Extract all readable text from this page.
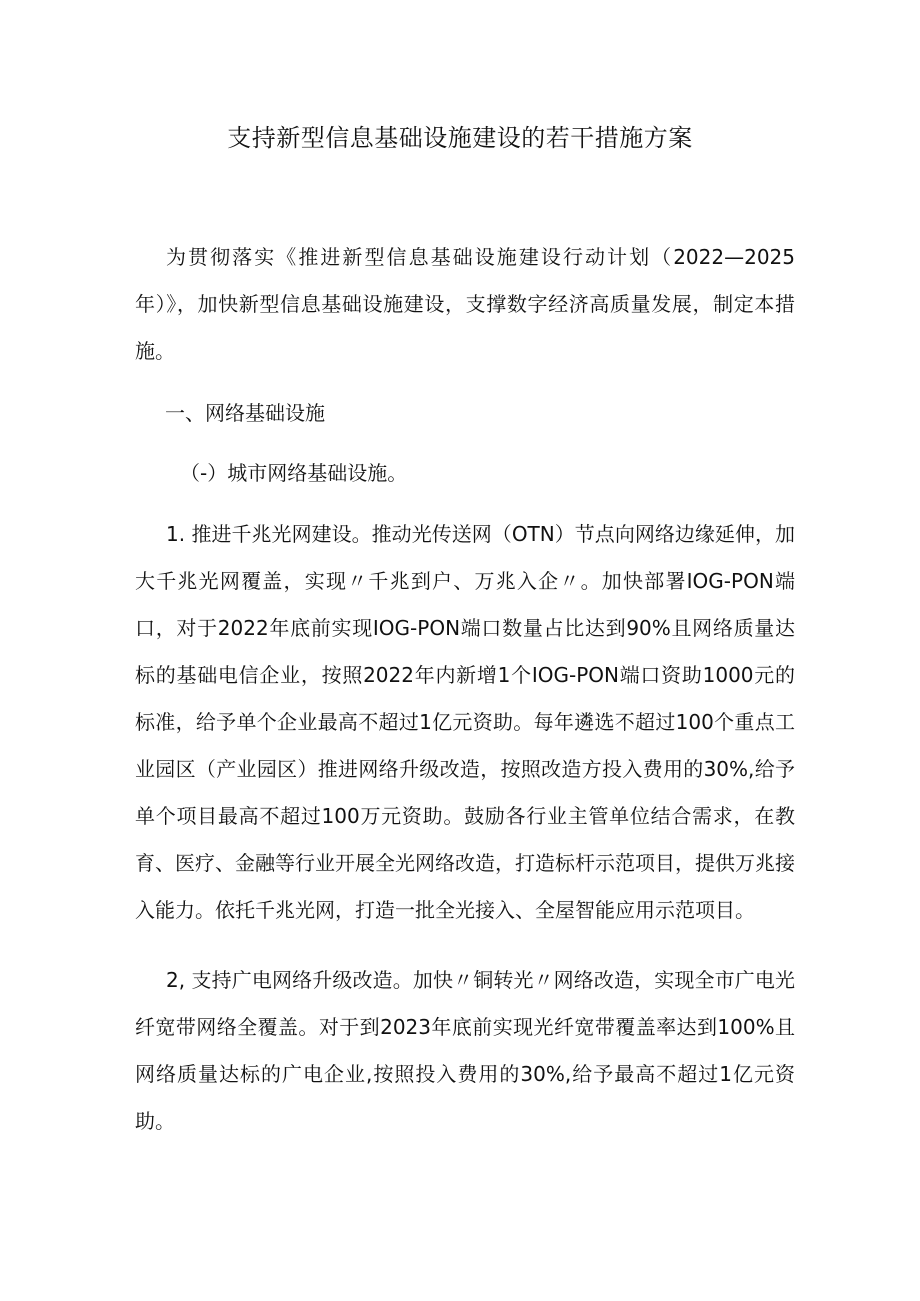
支持新型信息基础设施建设的若干措施方案

为贯彻落实《推进新型信息基础设施建设行动计划（2022—2025年）》，加快新型信息基础设施建设，支撑数字经济高质量发展，制定本措施。

一、网络基础设施
（-）城市网络基础设施。

1. 推进千兆光网建设。推动光传送网（OTN）节点向网络边缘延伸，加大千兆光网覆盖，实现〃千兆到户、万兆入企〃。加快部署IOG-PON端口，对于2022年底前实现IOG-PON端口数量占比达到90%且网络质量达标的基础电信企业，按照2022年内新增1个IOG-PON端口资助1000元的标准，给予单个企业最高不超过1亿元资助。每年遴选不超过100个重点工业园区（产业园区）推进网络升级改造，按照改造方投入费用的30%,给予单个项目最高不超过100万元资助。鼓励各行业主管单位结合需求，在教育、医疗、金融等行业开展全光网络改造，打造标杆示范项目，提供万兆接入能力。依托千兆光网，打造一批全光接入、全屋智能应用示范项目。

2, 支持广电网络升级改造。加快〃铜转光〃网络改造，实现全市广电光纤宽带网络全覆盖。对于到2023年底前实现光纤宽带覆盖率达到100%且网络质量达标的广电企业,按照投入费用的30%,给予最高不超过1亿元资助。
